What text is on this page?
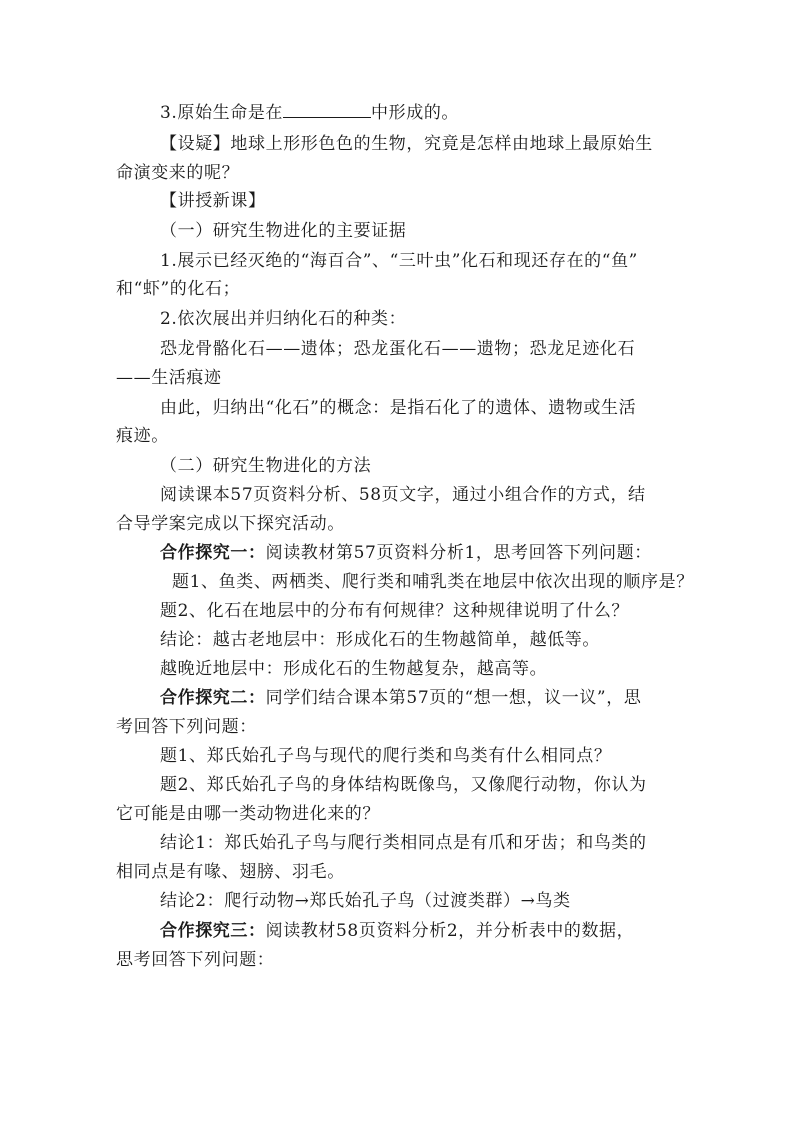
3.原始生命是在	中形成的。
【设疑】地球上形形色色的生物，究竟是怎样由地球上最原始生
命演变来的呢？
【讲授新课】
（一）研究生物进化的主要证据
1.展示已经灭绝的“海百合”、“三叶虫”化石和现还存在的“鱼”
和“虾”的化石；
2.依次展出并归纳化石的种类：
恐龙骨骼化石——遗体；恐龙蛋化石——遗物；恐龙足迹化石
——生活痕迹
由此，归纳出“化石”的概念：是指石化了的遗体、遗物或生活
痕迹。
（二）研究生物进化的方法
阅读课本57页资料分析、58页文字，通过小组合作的方式，结
合导学案完成以下探究活动。
合作探究一：阅读教材第57页资料分析1，思考回答下列问题：
题1、鱼类、两栖类、爬行类和哺乳类在地层中依次出现的顺序是？
题2、化石在地层中的分布有何规律？这种规律说明了什么？
结论：越古老地层中：形成化石的生物越简单，越低等。
越晚近地层中：形成化石的生物越复杂，越高等。
合作探究二：同学们结合课本第57页的“想一想，议一议”，思
考回答下列问题：
题1、郑氏始孔子鸟与现代的爬行类和鸟类有什么相同点？
题2、郑氏始孔子鸟的身体结构既像鸟，又像爬行动物，你认为
它可能是由哪一类动物进化来的？
结论1：郑氏始孔子鸟与爬行类相同点是有爪和牙齿；和鸟类的
相同点是有喙、翅膀、羽毛。
结论2：爬行动物→郑氏始孔子鸟（过渡类群）→鸟类
合作探究三：阅读教材58页资料分析2，并分析表中的数据，
思考回答下列问题：
